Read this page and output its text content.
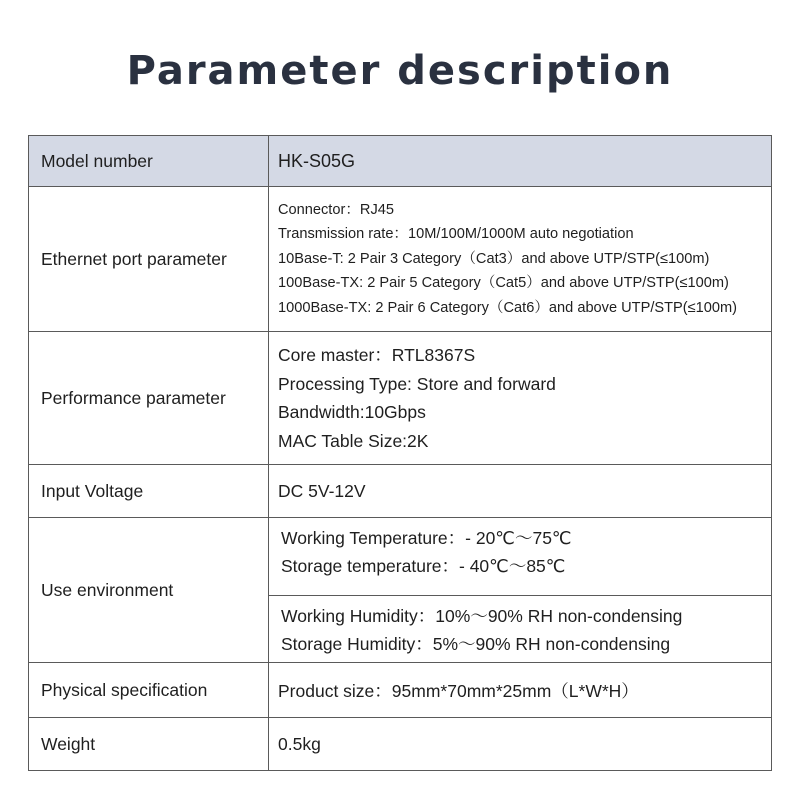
Parameter description
Model number	HK-S05G
Ethernet port parameter	Connector：RJ45
Transmission rate：10M/100M/1000M auto negotiation
10Base-T: 2 Pair 3 Category（Cat3）and above UTP/STP(≤100m)
100Base-TX: 2 Pair 5 Category（Cat5）and above UTP/STP(≤100m)
1000Base-TX: 2 Pair 6 Category（Cat6）and above UTP/STP(≤100m)

Performance parameter	Core master：RTL8367S
Processing Type: Store and forward
Bandwidth:10Gbps
MAC Table Size:2K

Input Voltage	DC 5V-12V
Use environment	Working Temperature：- 20℃～75℃
Storage temperature：- 40℃～85℃
Working Humidity：10%～90% RH non-condensing
Storage Humidity：5%～90% RH non-condensing

Physical specification	Product size：95mm*70mm*25mm（L*W*H）
Weight	0.5kg
